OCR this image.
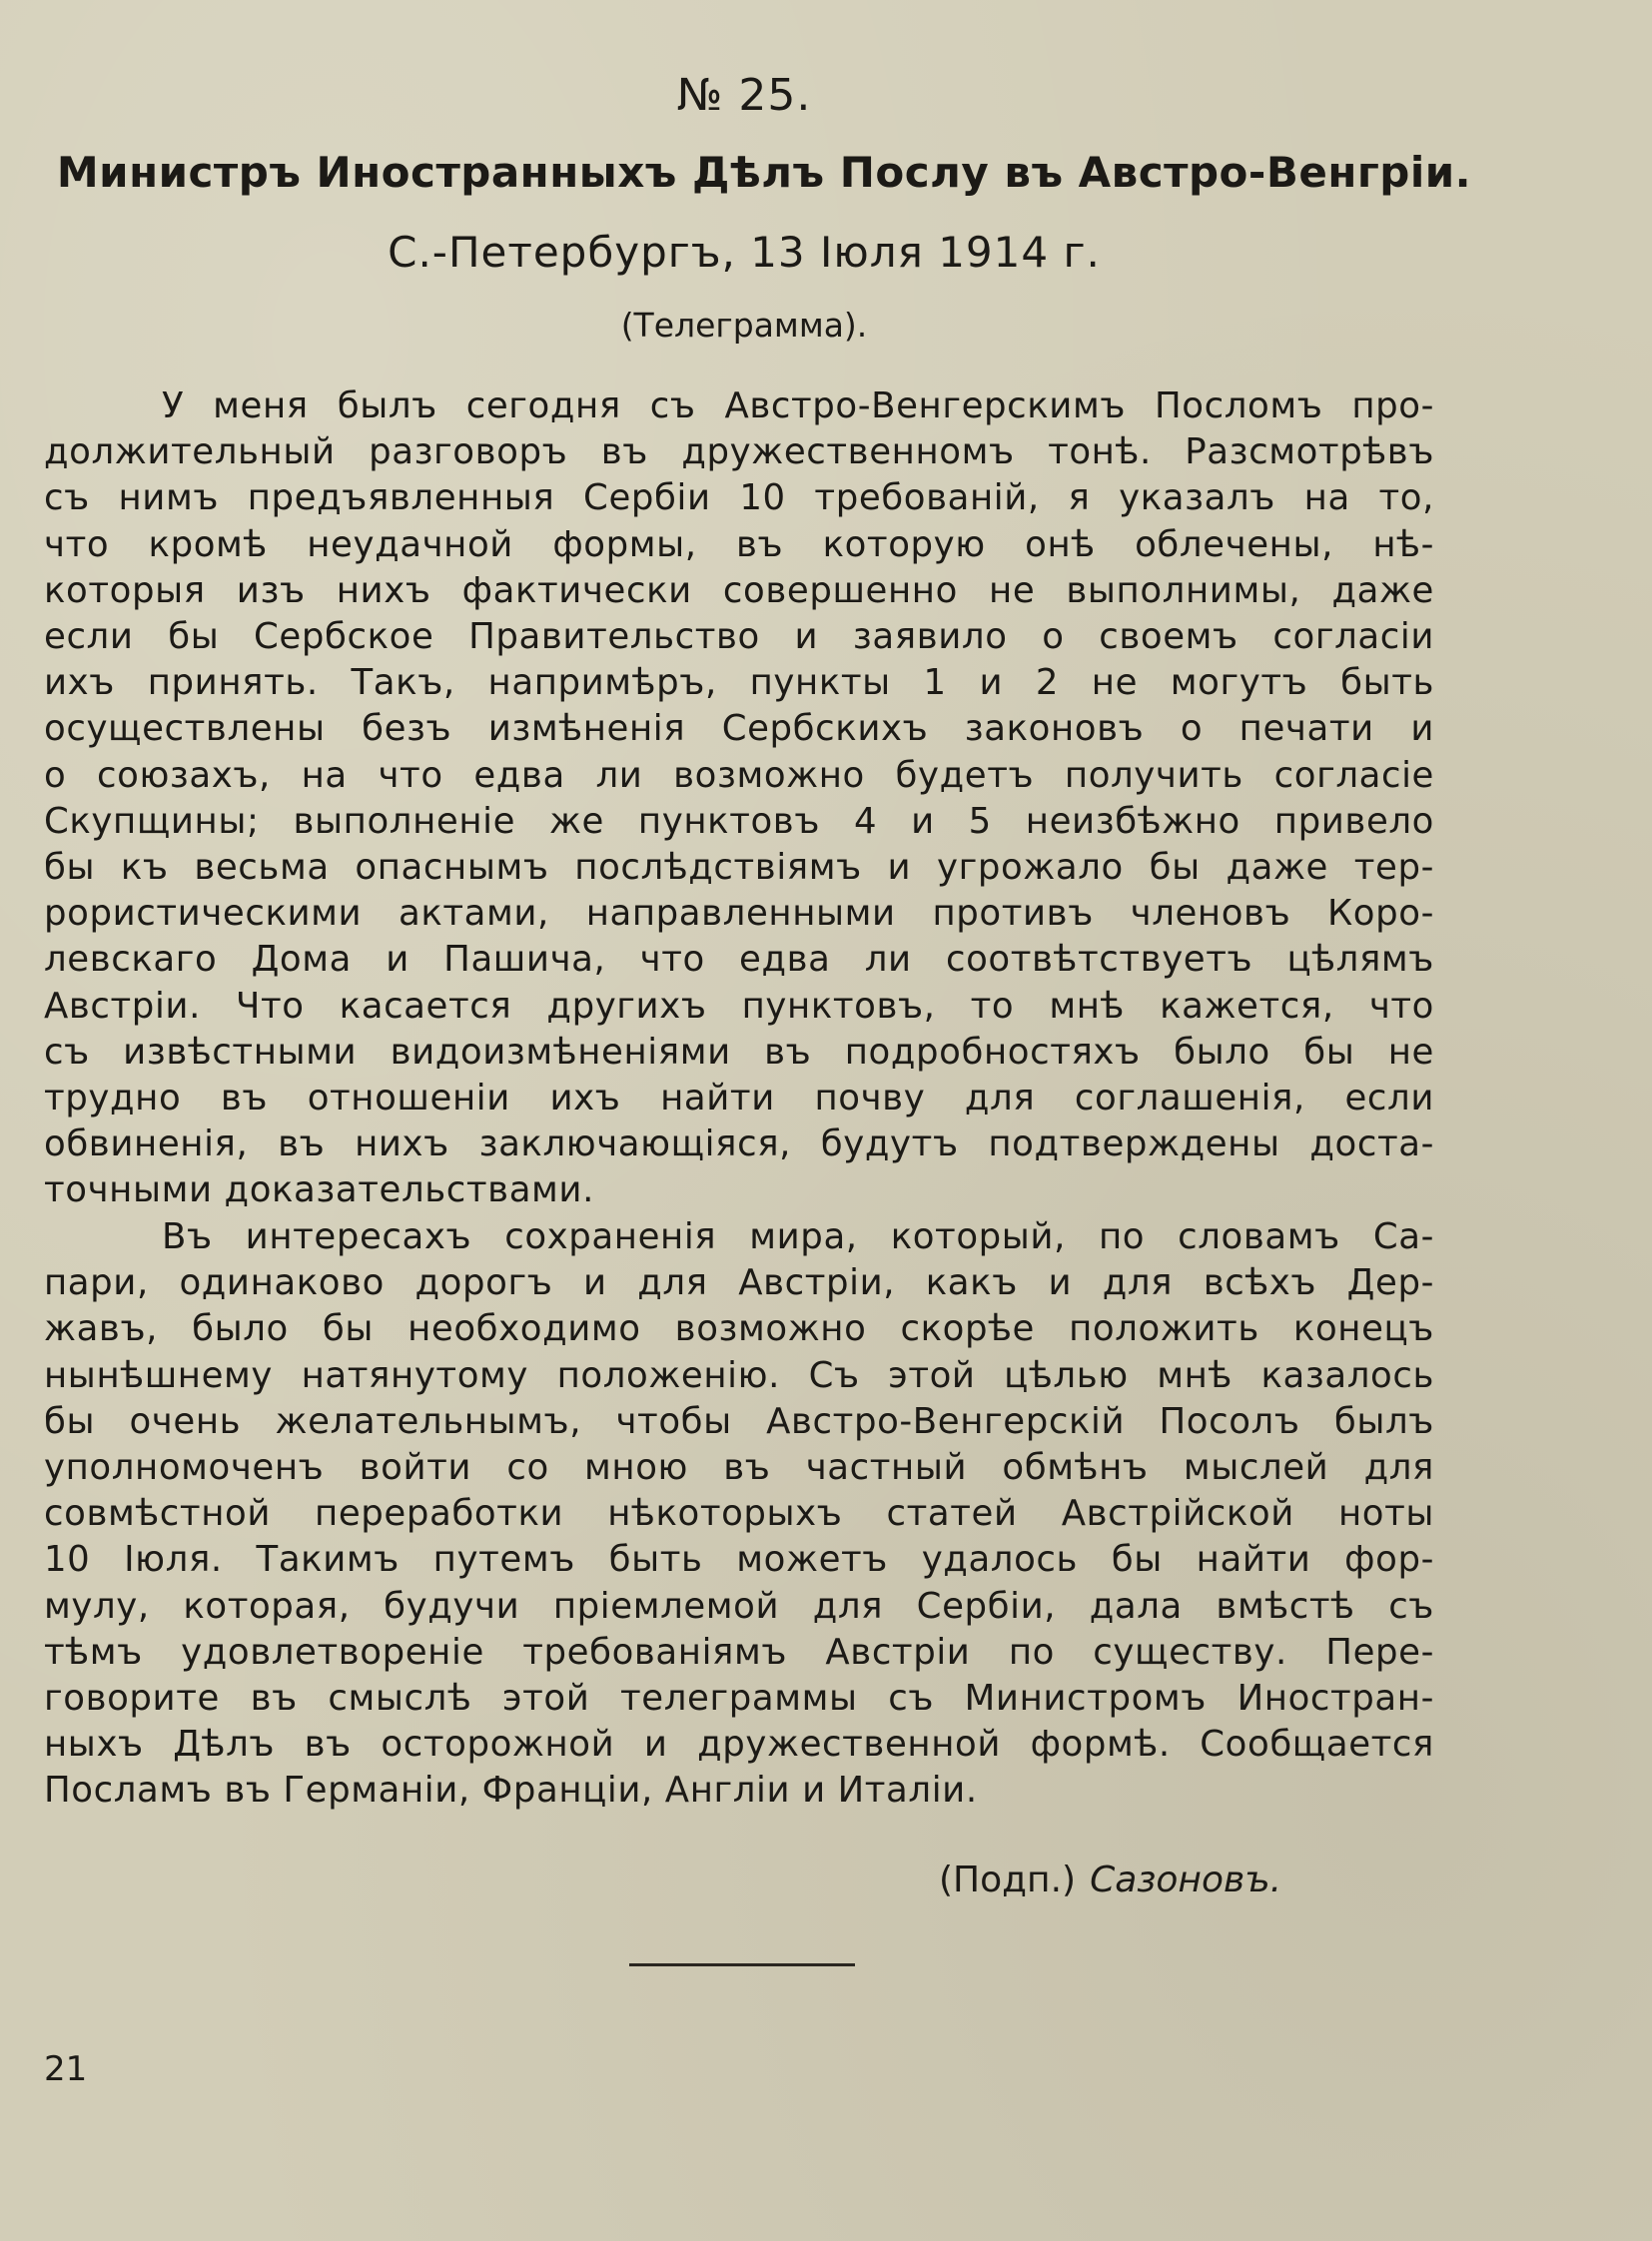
№ 25.
Министръ Иностранныхъ Дѣлъ Послу въ Австро-Венгріи.
С.-Петербургъ, 13 Іюля 1914 г.
(Телеграмма).
У меня былъ сегодня съ Австро-Венгерскимъ Посломъ про-
должительный разговоръ въ дружественномъ тонѣ. Разсмотрѣвъ
съ нимъ предъявленныя Сербіи 10 требованій, я указалъ на то,
что кромѣ неудачной формы, въ которую онѣ облечены, нѣ-
которыя изъ нихъ фактически совершенно не выполнимы, даже
если бы Сербское Правительство и заявило о своемъ согласіи
ихъ принять. Такъ, напримѣръ, пункты 1 и 2 не могутъ быть
осуществлены безъ измѣненія Сербскихъ законовъ о печати и
о союзахъ, на что едва ли возможно будетъ получить согласіе
Скупщины; выполненіе же пунктовъ 4 и 5 неизбѣжно привело
бы къ весьма опаснымъ послѣдствіямъ и угрожало бы даже тер-
рористическими актами, направленными противъ членовъ Коро-
левскаго Дома и Пашича, что едва ли соотвѣтствуетъ цѣлямъ
Австріи. Что касается другихъ пунктовъ, то мнѣ кажется, что
съ извѣстными видоизмѣненіями въ подробностяхъ было бы не
трудно въ отношеніи ихъ найти почву для соглашенія, если
обвиненія, въ нихъ заключающіяся, будутъ подтверждены доста-
точными доказательствами.
Въ интересахъ сохраненія мира, который, по словамъ Са-
пари, одинаково дорогъ и для Австріи, какъ и для всѣхъ Дер-
жавъ, было бы необходимо возможно скорѣе положить конецъ
нынѣшнему натянутому положенію. Съ этой цѣлью мнѣ казалось
бы очень желательнымъ, чтобы Австро-Венгерскій Посолъ былъ
уполномоченъ войти со мною въ частный обмѣнъ мыслей для
совмѣстной переработки нѣкоторыхъ статей Австрійской ноты
10 Іюля. Такимъ путемъ быть можетъ удалось бы найти фор-
мулу, которая, будучи пріемлемой для Сербіи, дала вмѣстѣ съ
тѣмъ удовлетвореніе требованіямъ Австріи по существу. Пере-
говорите въ смыслѣ этой телеграммы съ Министромъ Иностран-
ныхъ Дѣлъ въ осторожной и дружественной формѣ. Сообщается
Посламъ въ Германіи, Франціи, Англіи и Италіи.
(Подп.) Сазоновъ.
21
